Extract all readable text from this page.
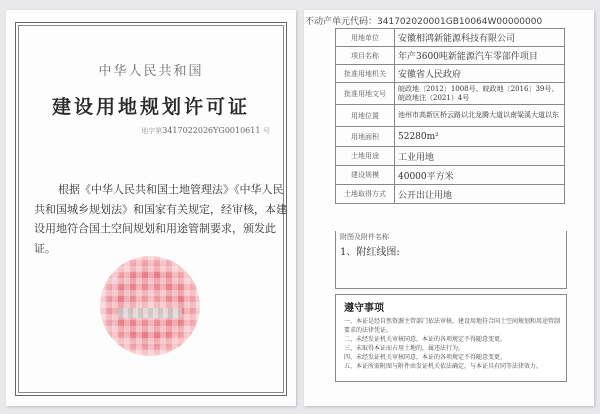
中华人民共和国
建设用地规划许可证
地字第3417022026YG0010611 号
根据《中华人民共和国土地管理法》《中华人民共和国城乡规划法》和国家有关规定，经审核，本建设用地符合国土空间规划和用途管制要求，颁发此证。
不动产单元代码：341702020001GB10064W00000000
用地单位	安徽相鸿新能源科技有限公司
项目名称	年产3600吨新能源汽车零部件项目
批准用地机关	安徽省人民政府
批准用地文号	皖政地〔2012〕1008号、皖政地〔2016〕39号、皖政地注（2021）4号
用地位置	池州市高新区桥云路以北龙腾大道以南粱溪大道以东
用地面积	52280m²
土地用途	工业用地
建设规模	40000平方米
土地取得方式	公开出让用地
附图及附件名称
1、附红线图:
遵守事项
一、本证是经自然资源主管部门依法审核，建设用地符合国土空间规划和用途管制要求的法律凭证。
二、未经发证机关审核同意，本证的各项规定不得随意变更。
三、未取得本证而占用土地的，属违法行为。
四、未经发证机关审核同意，本证的各项规定不得随意变更。
五、本证所需附图与附件由发证机关依法确定，与本证具有同等法律效力。
